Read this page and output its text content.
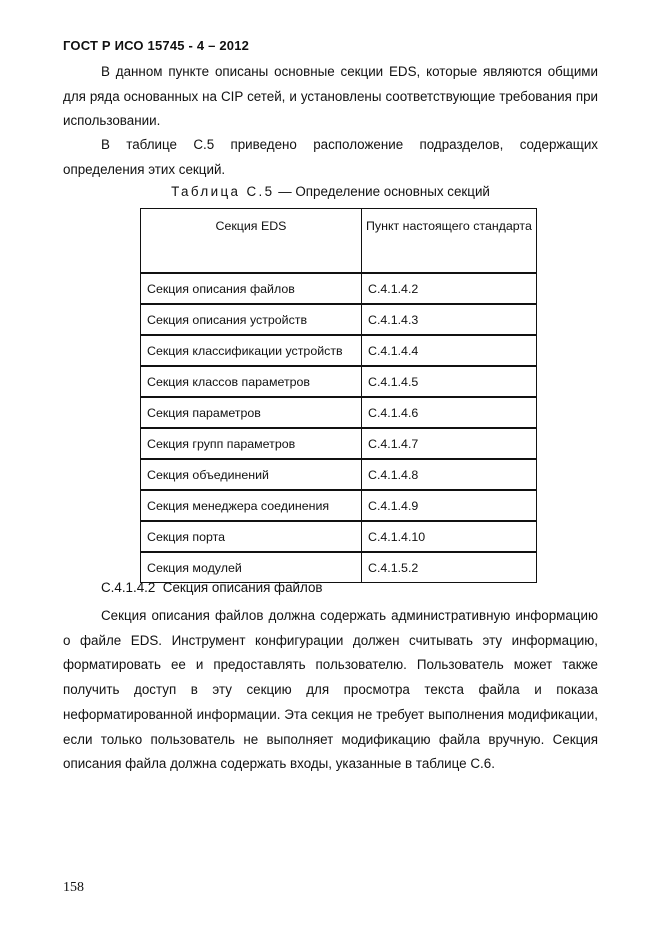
ГОСТ Р ИСО 15745 - 4 – 2012

В данном пункте описаны основные секции EDS, которые являются общими для ряда основанных на CIP сетей, и установлены соответствующие требования при использовании.

В таблице С.5 приведено расположение подразделов, содержащих определения этих секций.

Таблица С.5 — Определение основных секций
Секция EDS	Пункт настоящего стандарта
Секция описания файлов	С.4.1.4.2
Секция описания устройств	С.4.1.4.3
Секция классификации устройств	С.4.1.4.4
Секция классов параметров	С.4.1.4.5
Секция параметров	С.4.1.4.6
Секция групп параметров	С.4.1.4.7
Секция объединений	С.4.1.4.8
Секция менеджера соединения	С.4.1.4.9
Секция порта	С.4.1.4.10
Секция модулей	С.4.1.5.2
С.4.1.4.2 Секция описания файлов

Секция описания файлов должна содержать административную информацию о файле EDS. Инструмент конфигурации должен считывать эту информацию, форматировать ее и предоставлять пользователю. Пользователь может также получить доступ в эту секцию для просмотра текста файла и показа неформатированной информации. Эта секция не требует выполнения модификации, если только пользователь не выполняет модификацию файла вручную. Секция описания файла должна содержать входы, указанные в таблице С.6.

158
